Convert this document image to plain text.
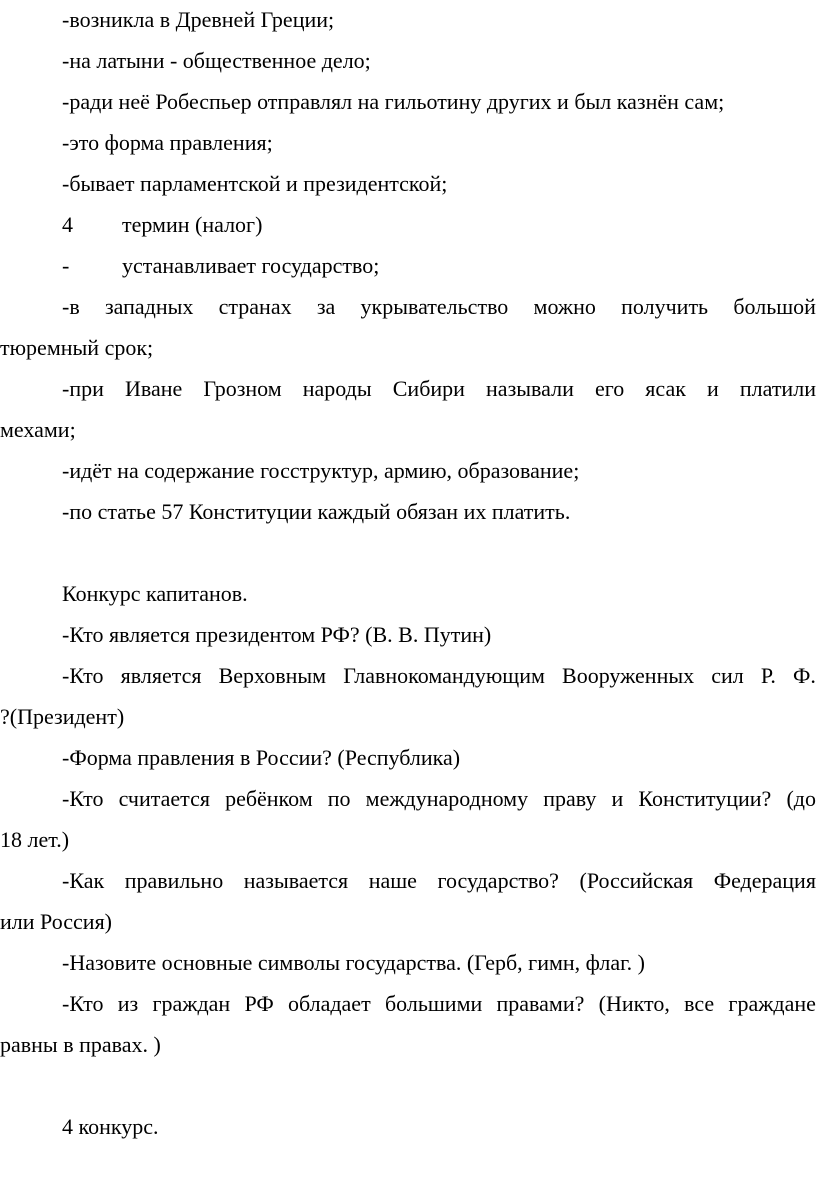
-возникла в Древней Греции;
-на латыни - общественное дело;
-ради неё Робеспьер отправлял на гильотину других и был казнён сам;
-это форма правления;
-бывает парламентской и президентской;
4 термин (налог)
- устанавливает государство;
-в западных странах за укрывательство можно получить большой
тюремный срок;
-при Иване Грозном народы Сибири называли его ясак и платили
мехами;
-идёт на содержание госструктур, армию, образование;
-по статье 57 Конституции каждый обязан их платить.
Конкурс капитанов.
-Кто является президентом РФ? (В. В. Путин)
-Кто является Верховным Главнокомандующим Вооруженных сил Р. Ф.
?(Президент)
-Форма правления в России? (Республика)
-Кто считается ребёнком по международному праву и Конституции? (до
18 лет.)
-Как правильно называется наше государство? (Российская Федерация
или Россия)
-Назовите основные символы государства. (Герб, гимн, флаг. )
-Кто из граждан РФ обладает большими правами? (Никто, все граждане
равны в правах. )
4 конкурс.
